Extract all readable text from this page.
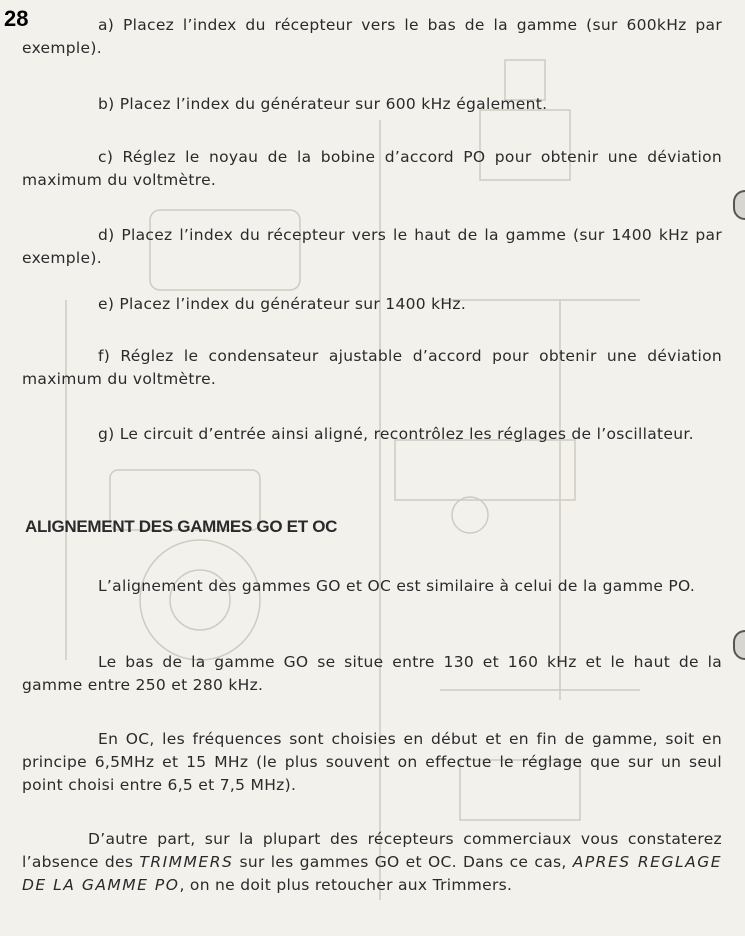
28	a) Placez l’index du récepteur vers le bas de la gamme (sur 600kHz par exemple).
b) Placez l’index du générateur sur 600 kHz également.
c) Réglez le noyau de la bobine d’accord PO pour obtenir une déviation maximum du voltmètre.
d) Placez l’index du récepteur vers le haut de la gamme (sur 1400 kHz par exemple).
e) Placez l’index du générateur sur 1400 kHz.
f) Réglez le condensateur ajustable d’accord pour obtenir une déviation maximum du voltmètre.
g) Le circuit d’entrée ainsi aligné, recontrôlez les réglages de l’oscillateur.
ALIGNEMENT DES GAMMES GO ET OC
L’alignement des gammes GO et OC est similaire à celui de la gamme PO.
Le bas de la gamme GO se situe entre 130 et 160 kHz et le haut de la gamme entre 250 et 280 kHz.
En OC, les fréquences sont choisies en début et en fin de gamme, soit en principe 6,5MHz et 15 MHz (le plus souvent on effectue le réglage que sur un seul point choisi entre 6,5 et 7,5 MHz).
D’autre part, sur la plupart des récepteurs commerciaux vous constaterez l’absence des TRIMMERS sur les gammes GO et OC. Dans ce cas, APRES REGLAGE DE LA GAMME PO, on ne doit plus retoucher aux Trimmers.
